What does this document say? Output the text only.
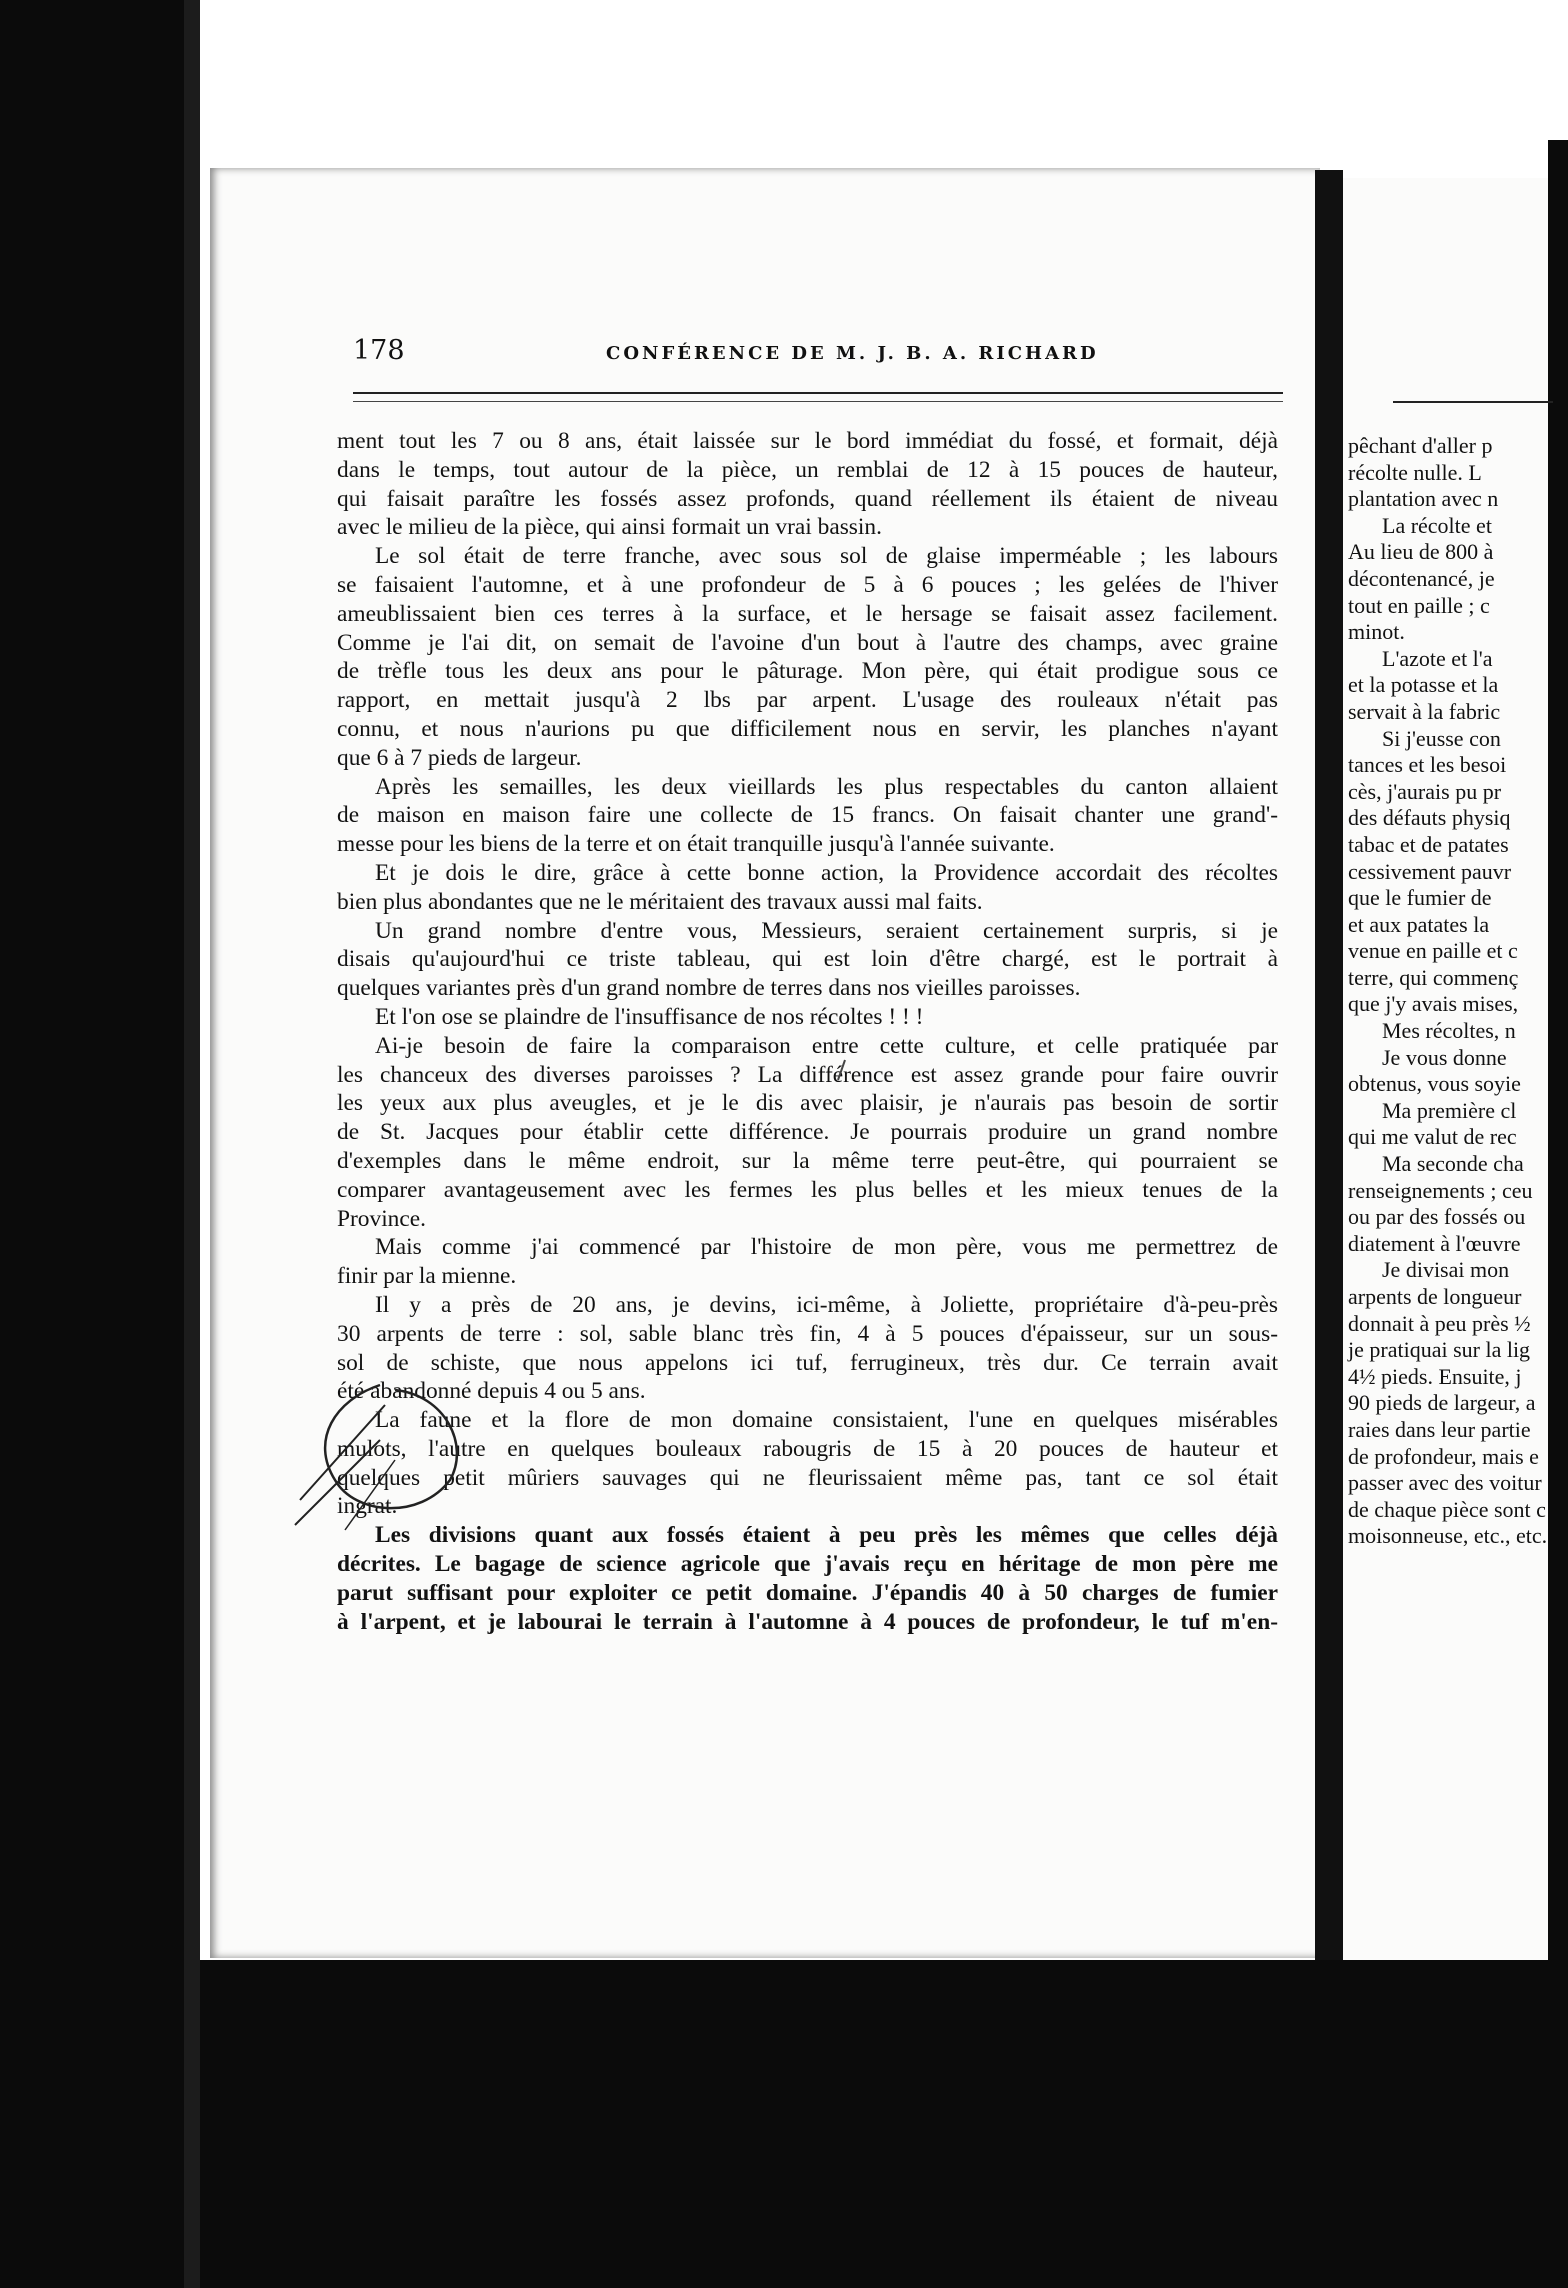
178	CONFÉRENCE DE M. J. B. A. RICHARD
ment tout les 7 ou 8 ans, était laissée sur le bord immédiat du fossé, et formait, déjà
dans le temps, tout autour de la pièce, un remblai de 12 à 15 pouces de hauteur,
qui faisait paraître les fossés assez profonds, quand réellement ils étaient de niveau
avec le milieu de la pièce, qui ainsi formait un vrai bassin.
Le sol était de terre franche, avec sous sol de glaise imperméable ; les labours
se faisaient l'automne, et à une profondeur de 5 à 6 pouces ; les gelées de l'hiver
ameublissaient bien ces terres à la surface, et le hersage se faisait assez facilement.
Comme je l'ai dit, on semait de l'avoine d'un bout à l'autre des champs, avec graine
de trèfle tous les deux ans pour le pâturage. Mon père, qui était prodigue sous ce
rapport, en mettait jusqu'à 2 lbs par arpent. L'usage des rouleaux n'était pas
connu, et nous n'aurions pu que difficilement nous en servir, les planches n'ayant
que 6 à 7 pieds de largeur.
Après les semailles, les deux vieillards les plus respectables du canton allaient
de maison en maison faire une collecte de 15 francs. On faisait chanter une grand'-
messe pour les biens de la terre et on était tranquille jusqu'à l'année suivante.
Et je dois le dire, grâce à cette bonne action, la Providence accordait des récoltes
bien plus abondantes que ne le méritaient des travaux aussi mal faits.
Un grand nombre d'entre vous, Messieurs, seraient certainement surpris, si je
disais qu'aujourd'hui ce triste tableau, qui est loin d'être chargé, est le portrait à
quelques variantes près d'un grand nombre de terres dans nos vieilles paroisses.
Et l'on ose se plaindre de l'insuffisance de nos récoltes ! ! !
Ai-je besoin de faire la comparaison entre cette culture, et celle pratiquée par
les chanceux des diverses paroisses ? La différence est assez grande pour faire ouvrir
les yeux aux plus aveugles, et je le dis avec plaisir, je n'aurais pas besoin de sortir
de St. Jacques pour établir cette différence. Je pourrais produire un grand nombre
d'exemples dans le même endroit, sur la même terre peut-être, qui pourraient se
comparer avantageusement avec les fermes les plus belles et les mieux tenues de la
Province.
Mais comme j'ai commencé par l'histoire de mon père, vous me permettrez de
finir par la mienne.
Il y a près de 20 ans, je devins, ici-même, à Joliette, propriétaire d'à-peu-près
30 arpents de terre : sol, sable blanc très fin, 4 à 5 pouces d'épaisseur, sur un sous-
sol de schiste, que nous appelons ici tuf, ferrugineux, très dur. Ce terrain avait
été abandonné depuis 4 ou 5 ans.
La faune et la flore de mon domaine consistaient, l'une en quelques misérables
mulots, l'autre en quelques bouleaux rabougris de 15 à 20 pouces de hauteur et
quelques petit mûriers sauvages qui ne fleurissaient même pas, tant ce sol était
ingrat.
Les divisions quant aux fossés étaient à peu près les mêmes que celles déjà
décrites. Le bagage de science agricole que j'avais reçu en héritage de mon père me
parut suffisant pour exploiter ce petit domaine. J'épandis 40 à 50 charges de fumier
à l'arpent, et je labourai le terrain à l'automne à 4 pouces de profondeur, le tuf m'en-
pêchant d'aller p
récolte nulle. L
plantation avec n
La récolte et
Au lieu de 800 à
décontenancé, je
tout en paille ; c
minot.
L'azote et l'a
et la potasse et la
servait à la fabric
Si j'eusse con
tances et les besoi
cès, j'aurais pu pr
des défauts physiq
tabac et de patates
cessivement pauvr
que le fumier de
et aux patates la
venue en paille et c
terre, qui commenç
que j'y avais mises,
Mes récoltes, n
Je vous donne
obtenus, vous soyie
Ma première cl
qui me valut de rec
Ma seconde cha
renseignements ; ceu
ou par des fossés ou
diatement à l'œuvre
Je divisai mon
arpents de longueur
donnait à peu près ½
je pratiquai sur la lig
4½ pieds. Ensuite, j
90 pieds de largeur, a
raies dans leur partie
de profondeur, mais e
passer avec des voitur
de chaque pièce sont c
moisonneuse, etc., etc.
